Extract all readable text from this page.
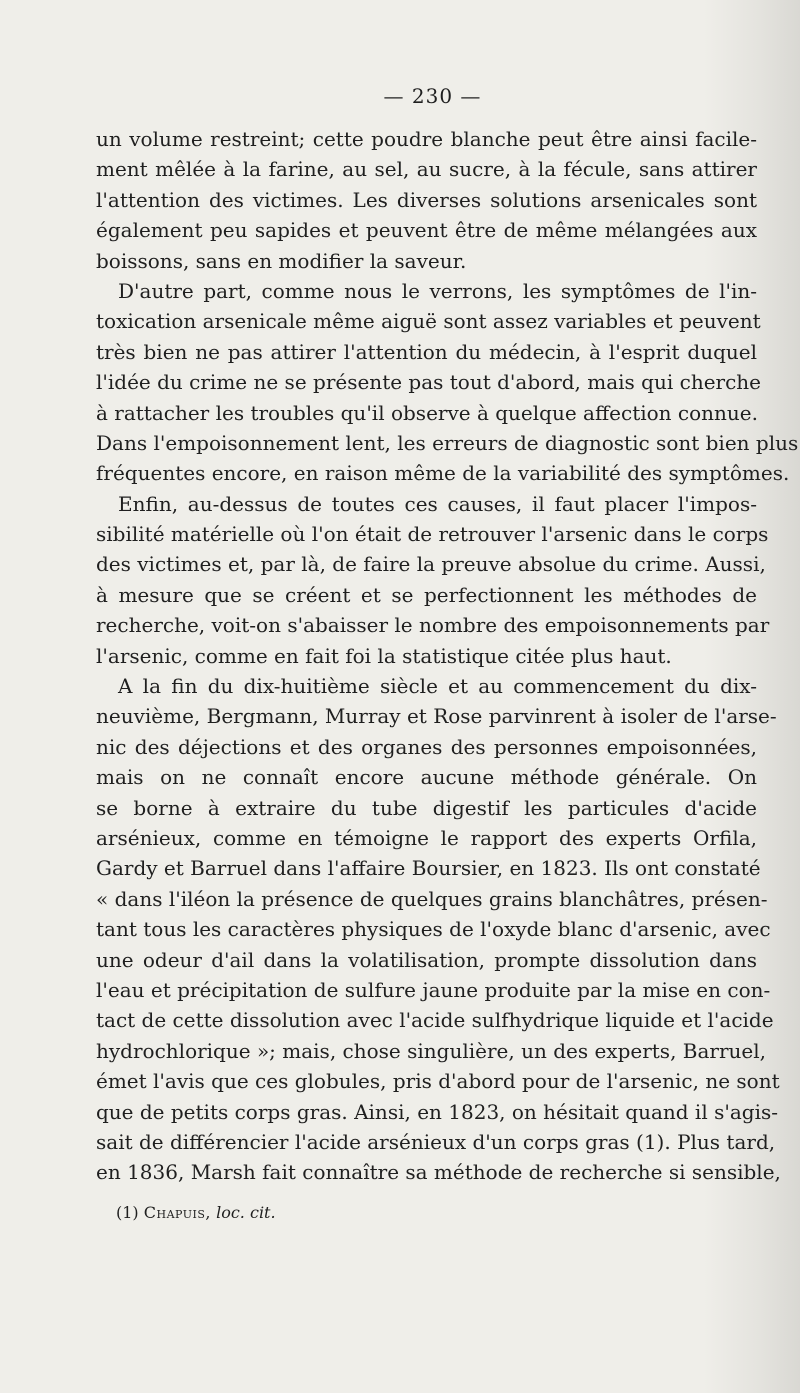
— 230 —
un volume restreint; cette poudre blanche peut être ainsi facile-
ment mêlée à la farine, au sel, au sucre, à la fécule, sans attirer
l'attention des victimes. Les diverses solutions arsenicales sont
également peu sapides et peuvent être de même mélangées aux
boissons, sans en modifier la saveur.
D'autre part, comme nous le verrons, les symptômes de l'in-
toxication arsenicale même aiguë sont assez variables et peuvent
très bien ne pas attirer l'attention du médecin, à l'esprit duquel
l'idée du crime ne se présente pas tout d'abord, mais qui cherche
à rattacher les troubles qu'il observe à quelque affection connue.
Dans l'empoisonnement lent, les erreurs de diagnostic sont bien plus
fréquentes encore, en raison même de la variabilité des symptômes.
Enfin, au-dessus de toutes ces causes, il faut placer l'impos-
sibilité matérielle où l'on était de retrouver l'arsenic dans le corps
des victimes et, par là, de faire la preuve absolue du crime. Aussi,
à mesure que se créent et se perfectionnent les méthodes de
recherche, voit-on s'abaisser le nombre des empoisonnements par
l'arsenic, comme en fait foi la statistique citée plus haut.
A la fin du dix-huitième siècle et au commencement du dix-
neuvième, Bergmann, Murray et Rose parvinrent à isoler de l'arse-
nic des déjections et des organes des personnes empoisonnées,
mais on ne connaît encore aucune méthode générale. On
se borne à extraire du tube digestif les particules d'acide
arsénieux, comme en témoigne le rapport des experts Orfila,
Gardy et Barruel dans l'affaire Boursier, en 1823. Ils ont constaté
« dans l'iléon la présence de quelques grains blanchâtres, présen-
tant tous les caractères physiques de l'oxyde blanc d'arsenic, avec
une odeur d'ail dans la volatilisation, prompte dissolution dans
l'eau et précipitation de sulfure jaune produite par la mise en con-
tact de cette dissolution avec l'acide sulfhydrique liquide et l'acide
hydrochlorique »; mais, chose singulière, un des experts, Barruel,
émet l'avis que ces globules, pris d'abord pour de l'arsenic, ne sont
que de petits corps gras. Ainsi, en 1823, on hésitait quand il s'agis-
sait de différencier l'acide arsénieux d'un corps gras (1). Plus tard,
en 1836, Marsh fait connaître sa méthode de recherche si sensible,
(1) Chapuis, loc. cit.
